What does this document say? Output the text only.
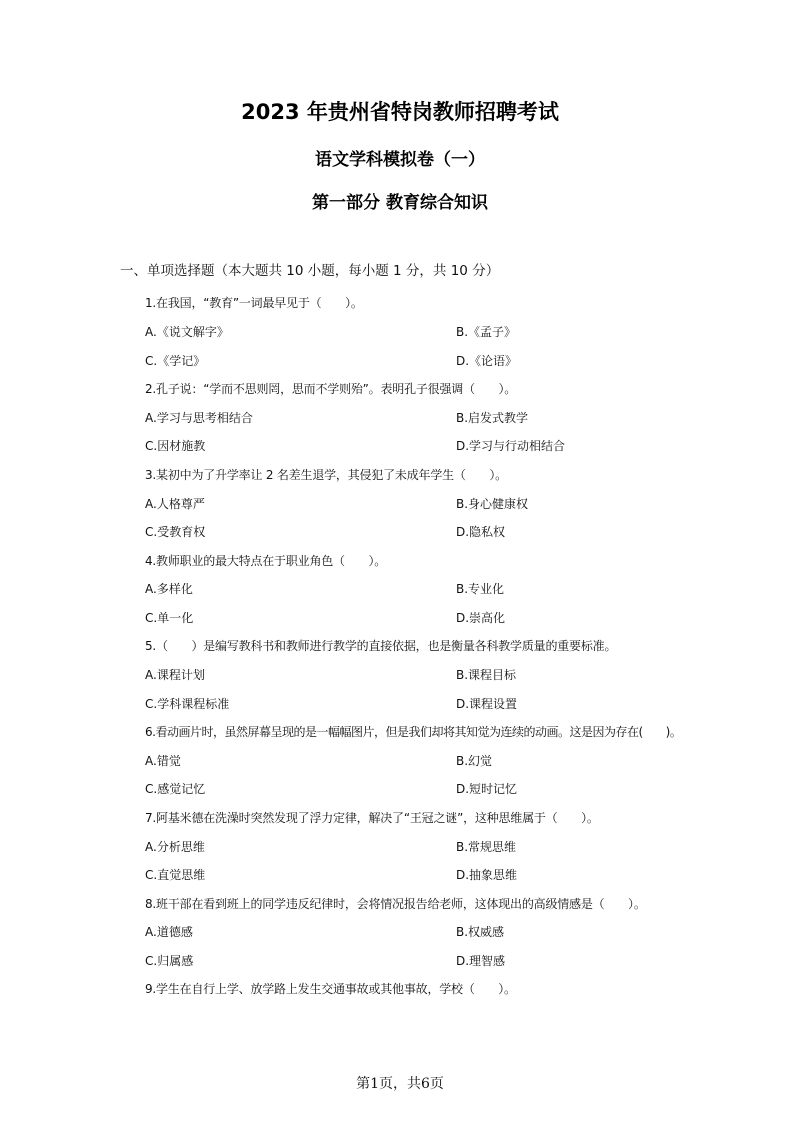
2023 年贵州省特岗教师招聘考试
语文学科模拟卷（一）
第一部分 教育综合知识
一、单项选择题（本大题共 10 小题，每小题 1 分，共 10 分）
1.在我国，“教育”一词最早见于（　　）。
A.《说文解字》	B.《孟子》
C.《学记》	D.《论语》
2.孔子说：“学而不思则罔，思而不学则殆”。表明孔子很强调（　　）。
A.学习与思考相结合	B.启发式教学
C.因材施教	D.学习与行动相结合
3.某初中为了升学率让 2 名差生退学，其侵犯了未成年学生（　　）。
A.人格尊严	B.身心健康权
C.受教育权	D.隐私权
4.教师职业的最大特点在于职业角色（　　）。
A.多样化	B.专业化
C.单一化	D.崇高化
5.（　　）是编写教科书和教师进行教学的直接依据，也是衡量各科教学质量的重要标准。
A.课程计划	B.课程目标
C.学科课程标准	D.课程设置
6.看动画片时，虽然屏幕呈现的是一幅幅图片，但是我们却将其知觉为连续的动画。这是因为存在(　　)。
A.错觉	B.幻觉
C.感觉记忆	D.短时记忆
7.阿基米德在洗澡时突然发现了浮力定律，解决了“王冠之谜”，这种思维属于（　　）。
A.分析思维	B.常规思维
C.直觉思维	D.抽象思维
8.班干部在看到班上的同学违反纪律时，会将情况报告给老师，这体现出的高级情感是（　　）。
A.道德感	B.权威感
C.归属感	D.理智感
9.学生在自行上学、放学路上发生交通事故或其他事故，学校（　　）。
第1页，共6页
